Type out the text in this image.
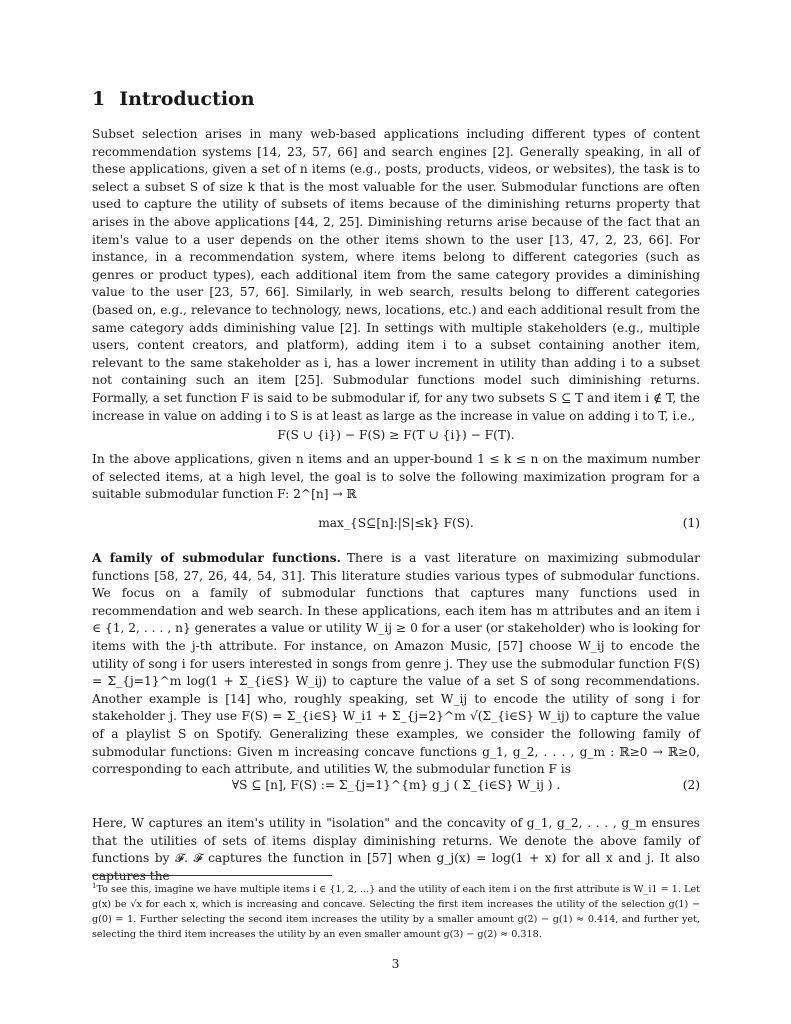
1 Introduction

Subset selection arises in many web-based applications including different types of content recommendation systems [14, 23, 57, 66] and search engines [2]. Generally speaking, in all of these applications, given a set of n items (e.g., posts, products, videos, or websites), the task is to select a subset S of size k that is the most valuable for the user. Submodular functions are often used to capture the utility of subsets of items because of the diminishing returns property that arises in the above applications [44, 2, 25]. Diminishing returns arise because of the fact that an item's value to a user depends on the other items shown to the user [13, 47, 2, 23, 66]. For instance, in a recommendation system, where items belong to different categories (such as genres or product types), each additional item from the same category provides a diminishing value to the user [23, 57, 66]. Similarly, in web search, results belong to different categories (based on, e.g., relevance to technology, news, locations, etc.) and each additional result from the same category adds diminishing value [2]. In settings with multiple stakeholders (e.g., multiple users, content creators, and platform), adding item i to a subset containing another item, relevant to the same stakeholder as i, has a lower increment in utility than adding i to a subset not containing such an item [25]. Submodular functions model such diminishing returns. Formally, a set function F is said to be submodular if, for any two subsets S ⊆ T and item i ∉ T, the increase in value on adding i to S is at least as large as the increase in value on adding i to T, i.e.,

F(S ∪ {i}) − F(S) ≥ F(T ∪ {i}) − F(T).

In the above applications, given n items and an upper-bound 1 ≤ k ≤ n on the maximum number of selected items, at a high level, the goal is to solve the following maximization program for a suitable submodular function F: 2^[n] → ℝ

max_{S⊆[n]:|S|≤k} F(S).	(1)

A family of submodular functions. There is a vast literature on maximizing submodular functions [58, 27, 26, 44, 54, 31]. This literature studies various types of submodular functions. We focus on a family of submodular functions that captures many functions used in recommendation and web search. In these applications, each item has m attributes and an item i ∈ {1, 2, . . . , n} generates a value or utility W_ij ≥ 0 for a user (or stakeholder) who is looking for items with the j-th attribute. For instance, on Amazon Music, [57] choose W_ij to encode the utility of song i for users interested in songs from genre j. They use the submodular function F(S) = Σ_{j=1}^m log(1 + Σ_{i∈S} W_ij) to capture the value of a set S of song recommendations. Another example is [14] who, roughly speaking, set W_ij to encode the utility of song i for stakeholder j. They use F(S) = Σ_{i∈S} W_i1 + Σ_{j=2}^m √(Σ_{i∈S} W_ij) to capture the value of a playlist S on Spotify. Generalizing these examples, we consider the following family of submodular functions: Given m increasing concave functions g_1, g_2, . . . , g_m : ℝ≥0 → ℝ≥0, corresponding to each attribute, and utilities W, the submodular function F is

∀S ⊆ [n], F(S) := Σ_{j=1}^{m} g_j ( Σ_{i∈S} W_ij ) .	(2)

Here, W captures an item's utility in "isolation" and the concavity of g_1, g_2, . . . , g_m ensures that the utilities of sets of items display diminishing returns. We denote the above family of functions by 𝓕. 𝓕 captures the function in [57] when g_j(x) = log(1 + x) for all x and j. It also captures the

$^1$To see this, imagine we have multiple items i ∈ {1, 2, ...} and the utility of each item i on the first attribute is W_i1 = 1. Let g(x) be √x for each x, which is increasing and concave. Selecting the first item increases the utility of the selection g(1) − g(0) = 1. Further selecting the second item increases the utility by a smaller amount g(2) − g(1) ≈ 0.414, and further yet, selecting the third item increases the utility by an even smaller amount g(3) − g(2) ≈ 0.318.

3
